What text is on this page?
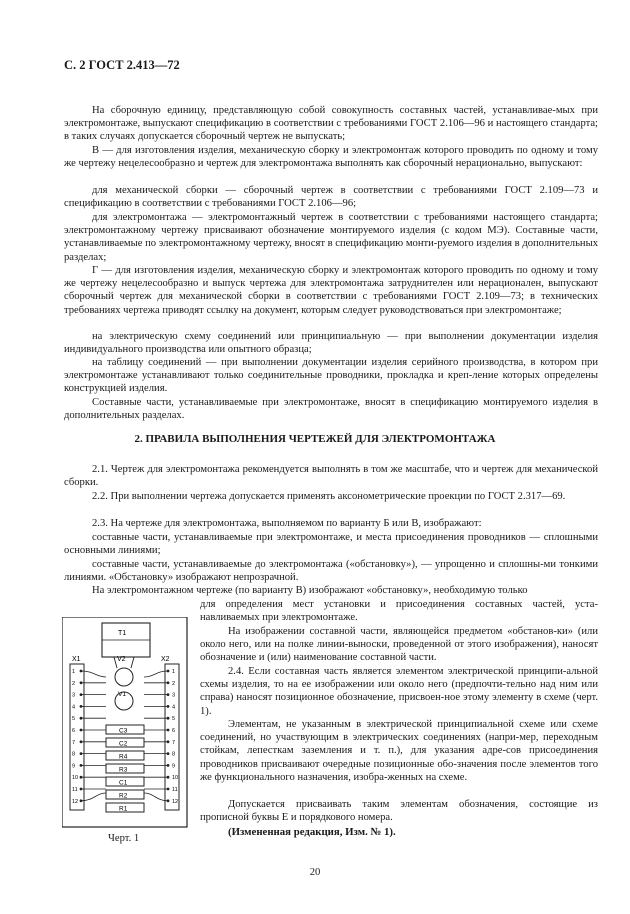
С. 2 ГОСТ 2.413—72

На сборочную единицу, представляющую собой совокупность составных частей, устанавливае-мых при электромонтаже, выпускают спецификацию в соответствии с требованиями ГОСТ 2.106—96 и настоящего стандарта; в таких случаях допускается сборочный чертеж не выпускать;

В — для изготовления изделия, механическую сборку и электромонтаж которого проводить по одному и тому же чертежу нецелесообразно и чертеж для электромонтажа выполнять как сборочный нерационально, выпускают:

для механической сборки — сборочный чертеж в соответствии с требованиями ГОСТ 2.109—73 и спецификацию в соответствии с требованиями ГОСТ 2.106—96;

для электромонтажа — электромонтажный чертеж в соответствии с требованиями настоящего стандарта; электромонтажному чертежу присваивают обозначение монтируемого изделия (с кодом МЭ). Составные части, устанавливаемые по электромонтажному чертежу, вносят в спецификацию монти-руемого изделия в дополнительных разделах;

Г — для изготовления изделия, механическую сборку и электромонтаж которого проводить по одному и тому же чертежу нецелесообразно и выпуск чертежа для электромонтажа затруднителен или нерационален, выпускают сборочный чертеж для механической сборки в соответствии с требованиями ГОСТ 2.109—73; в технических требованиях чертежа приводят ссылку на документ, которым следует руководствоваться при электромонтаже;

на электрическую схему соединений или принципиальную — при выполнении документации изделия индивидуального производства или опытного образца;

на таблицу соединений — при выполнении документации изделия серийного производства, в котором при электромонтаже устанавливают только соединительные проводники, прокладка и креп-ление которых определены конструкцией изделия.

Составные части, устанавливаемые при электромонтаже, вносят в спецификацию монтируемого изделия в дополнительных разделах.

2. ПРАВИЛА ВЫПОЛНЕНИЯ ЧЕРТЕЖЕЙ ДЛЯ ЭЛЕКТРОМОНТАЖА

2.1. Чертеж для электромонтажа рекомендуется выполнять в том же масштабе, что и чертеж для механической сборки.

2.2. При выполнении чертежа допускается применять аксонометрические проекции по ГОСТ 2.317—69.

2.3. На чертеже для электромонтажа, выполняемом по варианту Б или В, изображают:

составные части, устанавливаемые при электромонтаже, и места присоединения проводников — сплошными основными линиями;

составные части, устанавливаемые до электромонтажа («обстановку»), — упрощенно и сплошны-ми тонкими линиями. «Обстановку» изображают непрозрачной.

На электромонтажном чертеже (по варианту В) изображают «обстановку», необходимую только

для определения мест установки и присоединения составных частей, уста-навливаемых при электромонтаже.

На изображении составной части, являющейся предметом «обстанов-ки» (или около него, или на полке линии-выноски, проведенной от этого изображения), наносят обозначение и (или) наименование составной части.

2.4. Если составная часть является элементом электрической принципи-альной схемы изделия, то на ее изображении или около него (предпочти-тельно над ним или справа) наносят позиционное обозначение, присвоен-ное этому элементу в схеме (черт. 1).

Элементам, не указанным в электрической принципиальной схеме или схеме соединений, но участвующим в электрических соединениях (напри-мер, переходным стойкам, лепесткам заземления и т. п.), для указания адре-сов присоединения проводников присваивают очередные позиционные обо-значения после элементов того же функционального назначения, изобра-женных на схеме.

Допускается присваивать таким элементам обозначения, состоящие из прописной буквы Е и порядкового номера.

(Измененная редакция, Изм. № 1).

T1
X1	X2
V2
V1
C3
C2
R4
R3
C1
R2
R1
1
2
3
4
5
6
7
8
9
10
11
12
1
2
3
4
5
6
7
8
9
10
11
12
Черт. 1
20
